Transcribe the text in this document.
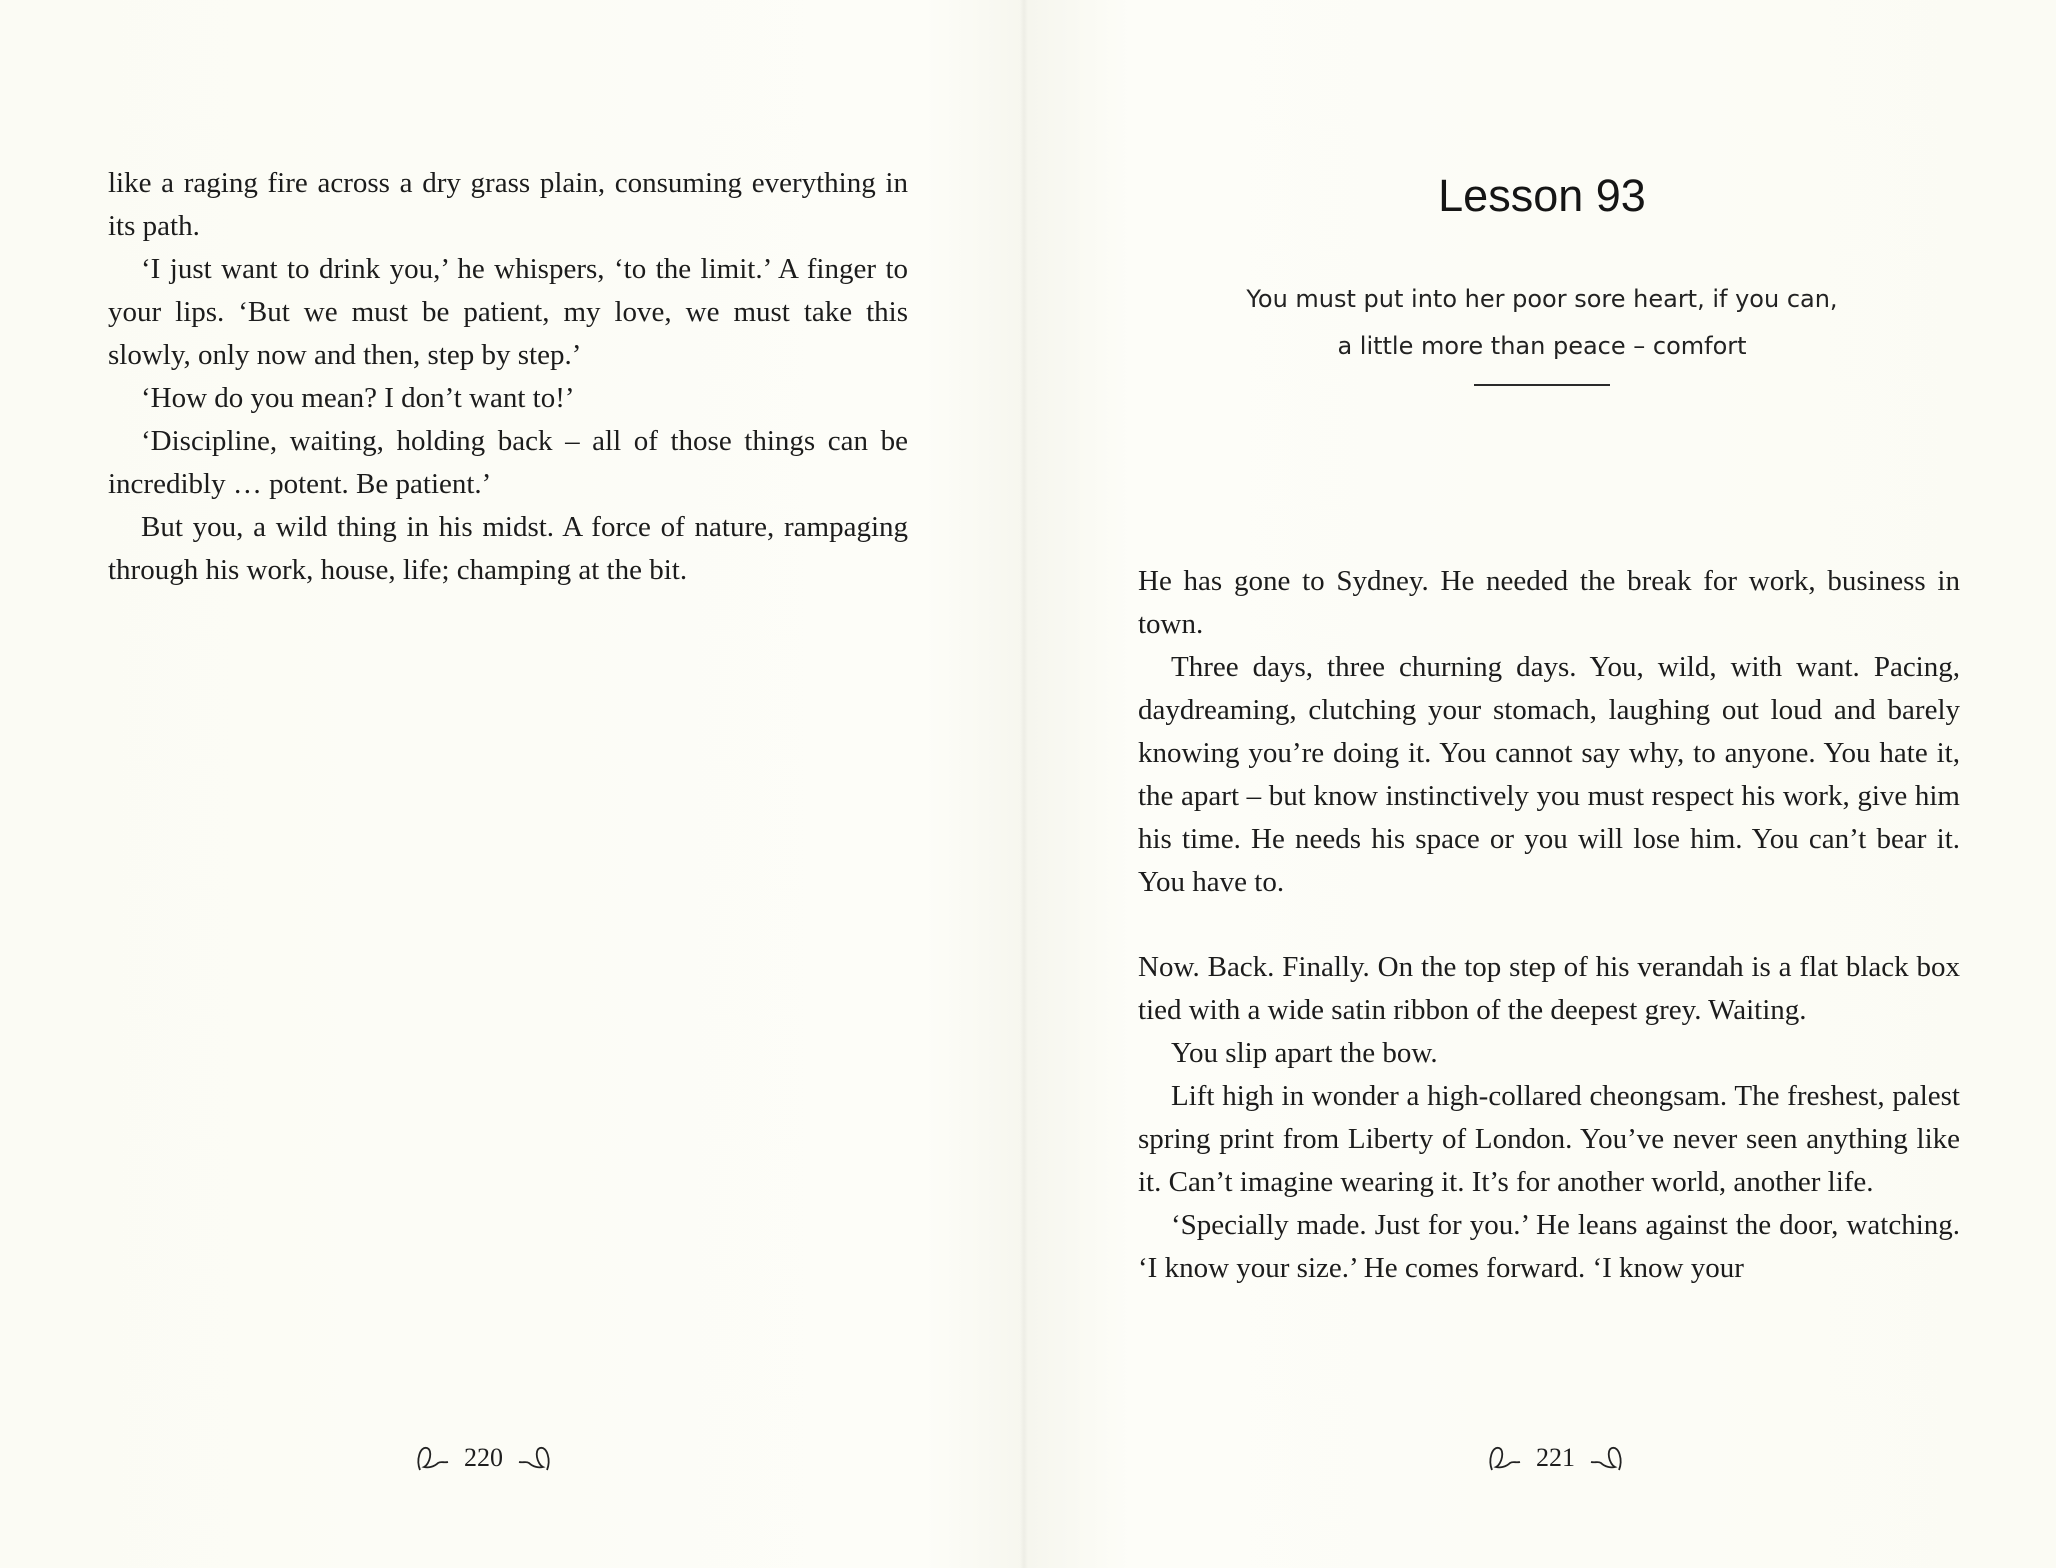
like a raging fire across a dry grass plain, consuming everything in its path.

‘I just want to drink you,’ he whispers, ‘to the limit.’ A finger to your lips. ‘But we must be patient, my love, we must take this slowly, only now and then, step by step.’

‘How do you mean? I don’t want to!’

‘Discipline, waiting, holding back – all of those things can be incredibly … potent. Be patient.’

But you, a wild thing in his midst. A force of nature, rampaging through his work, house, life; champing at the bit.

220
Lesson 93
You must put into her poor sore heart, if you can,
a little more than peace – comfort

He has gone to Sydney. He needed the break for work, business in town.

Three days, three churning days. You, wild, with want. Pacing, daydreaming, clutching your stomach, laughing out loud and barely knowing you’re doing it. You cannot say why, to anyone. You hate it, the apart – but know instinctively you must respect his work, give him his time. He needs his space or you will lose him. You can’t bear it. You have to.

Now. Back. Finally. On the top step of his verandah is a flat black box tied with a wide satin ribbon of the deepest grey. Waiting.

You slip apart the bow.

Lift high in wonder a high-collared cheongsam. The freshest, palest spring print from Liberty of London. You’ve never seen anything like it. Can’t imagine wearing it. It’s for another world, another life.

‘Specially made. Just for you.’ He leans against the door, watching. ‘I know your size.’ He comes forward. ‘I know your

221
